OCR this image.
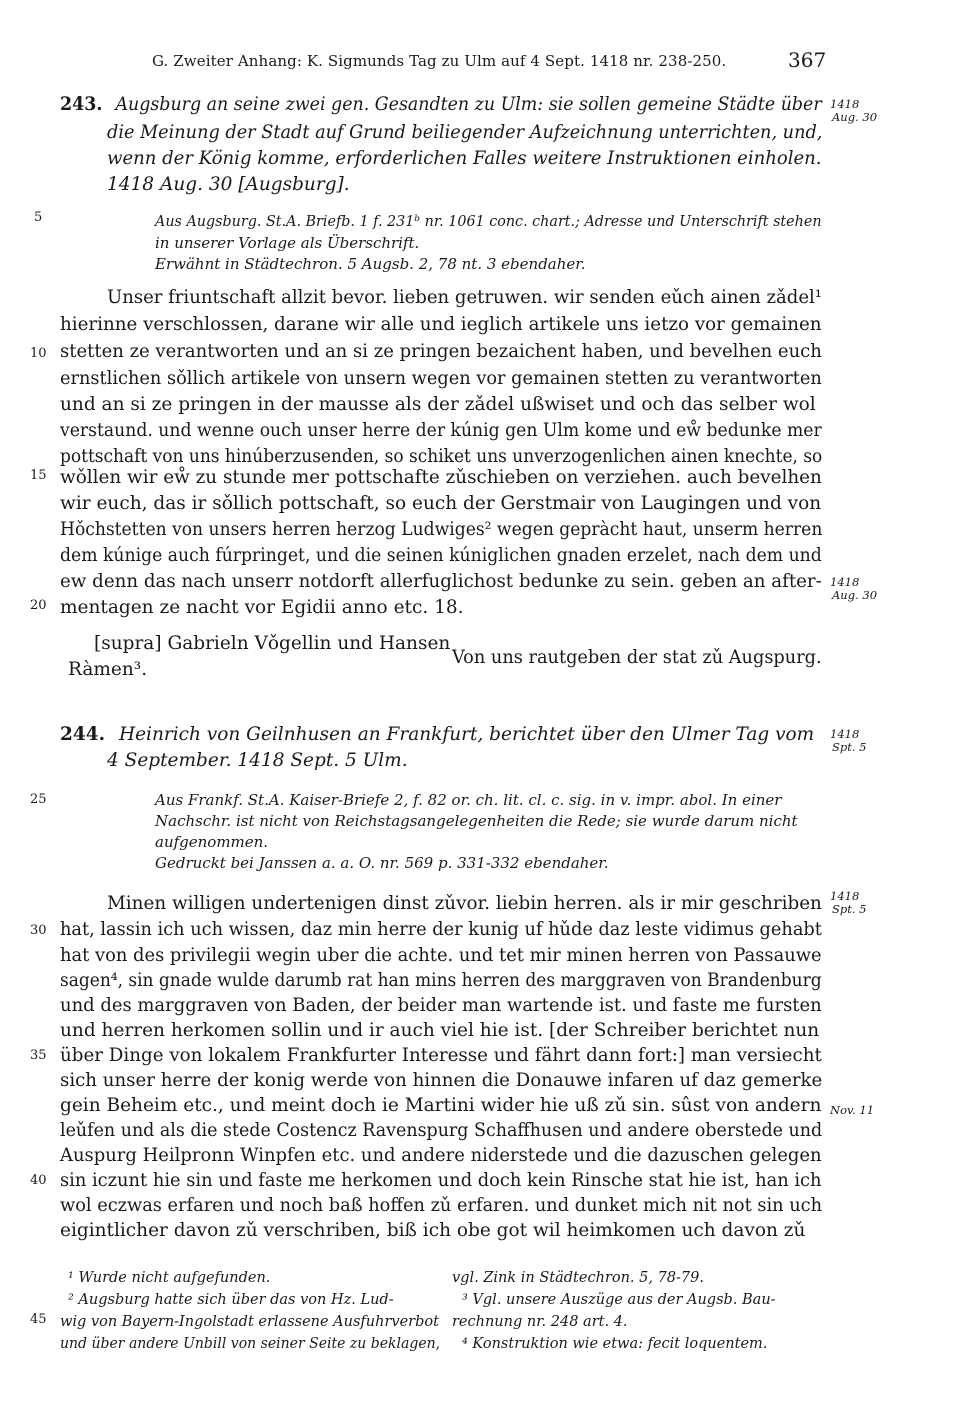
G. Zweiter Anhang: K. Sigmunds Tag zu Ulm auf 4 Sept. 1418 nr. 238-250.	367
5
10
15
20
25
30
35
40
45
243. Augsburg an seine zwei gen. Gesandten zu Ulm: sie sollen gemeine Städte über
die Meinung der Stadt auf Grund beiliegender Aufzeichnung unterrichten, und,
wenn der König komme, erforderlichen Falles weitere Instruktionen einholen.
1418 Aug. 30 [Augsburg].
1418
Aug. 30
Aus Augsburg. St.A. Briefb. 1 f. 231ᵇ nr. 1061 conc. chart.; Adresse und Unterschrift stehen
in unserer Vorlage als Überschrift.
Erwähnt in Städtechron. 5 Augsb. 2, 78 nt. 3 ebendaher.
Unser friuntschaft allzit bevor. lieben getruwen. wir senden eǔch ainen zǎdel¹
hierinne verschlossen, darane wir alle und ieglich artikele uns ietzo vor gemainen
stetten ze verantworten und an si ze pringen bezaichent haben, und bevelhen euch
ernstlichen sǒllich artikele von unsern wegen vor gemainen stetten zu verantworten
und an si ze pringen in der mausse als der zǎdel ußwiset und och das selber wol
verstaund. und wenne ouch unser herre der kúnig gen Ulm kome und eẘ bedunke mer
pottschaft von uns hinúberzusenden, so schiket uns unverzogenlichen ainen knechte, so
wǒllen wir eẘ zu stunde mer pottschafte zǔschieben on verziehen. auch bevelhen
wir euch, das ir sǒllich pottschaft, so euch der Gerstmair von Laugingen und von
Hǒchstetten von unsers herren herzog Ludwiges² wegen gepràcht haut, unserm herren
dem kúnige auch fúrpringet, und die seinen kúniglichen gnaden erzelet, nach dem und
ew denn das nach unserr notdorft allerfuglichost bedunke zu sein. geben an after-
mentagen ze nacht vor Egidii anno etc. 18.
1418
Aug. 30
[supra] Gabrieln Vǒgellin und Hansen
Ràmen³.
Von uns rautgeben der stat zǔ Augspurg.
244. Heinrich von Geilnhusen an Frankfurt, berichtet über den Ulmer Tag vom
4 September. 1418 Sept. 5 Ulm.
1418
Spt. 5
Aus Frankf. St.A. Kaiser-Briefe 2, f. 82 or. ch. lit. cl. c. sig. in v. impr. abol. In einer
Nachschr. ist nicht von Reichstagsangelegenheiten die Rede; sie wurde darum nicht
aufgenommen.
Gedruckt bei Janssen a. a. O. nr. 569 p. 331-332 ebendaher.
1418
Spt. 5
Nov. 11
Minen willigen undertenigen dinst zǔvor. liebin herren. als ir mir geschriben
hat, lassin ich uch wissen, daz min herre der kunig uf hǔde daz leste vidimus gehabt
hat von des privilegii wegin uber die achte. und tet mir minen herren von Passauwe
sagen⁴, sin gnade wulde darumb rat han mins herren des marggraven von Brandenburg
und des marggraven von Baden, der beider man wartende ist. und faste me fursten
und herren herkomen sollin und ir auch viel hie ist. [der Schreiber berichtet nun
über Dinge von lokalem Frankfurter Interesse und fährt dann fort:] man versiecht
sich unser herre der konig werde von hinnen die Donauwe infaren uf daz gemerke
gein Beheim etc., und meint doch ie Martini wider hie uß zǔ sin. sûst von andern
leǔfen und als die stede Costencz Ravenspurg Schaffhusen und andere oberstede und
Auspurg Heilpronn Winpfen etc. und andere niderstede und die dazuschen gelegen
sin iczunt hie sin und faste me herkomen und doch kein Rinsche stat hie ist, han ich
wol eczwas erfaren und noch baß hoffen zǔ erfaren. und dunket mich nit not sin uch
eigintlicher davon zǔ verschriben, biß ich obe got wil heimkomen uch davon zǔ
¹ Wurde nicht aufgefunden.
² Augsburg hatte sich über das von Hz. Lud-
wig von Bayern-Ingolstadt erlassene Ausfuhrverbot
und über andere Unbill von seiner Seite zu beklagen,
vgl. Zink in Städtechron. 5, 78-79.
³ Vgl. unsere Auszüge aus der Augsb. Bau-
rechnung nr. 248 art. 4.
⁴ Konstruktion wie etwa: fecit loquentem.
